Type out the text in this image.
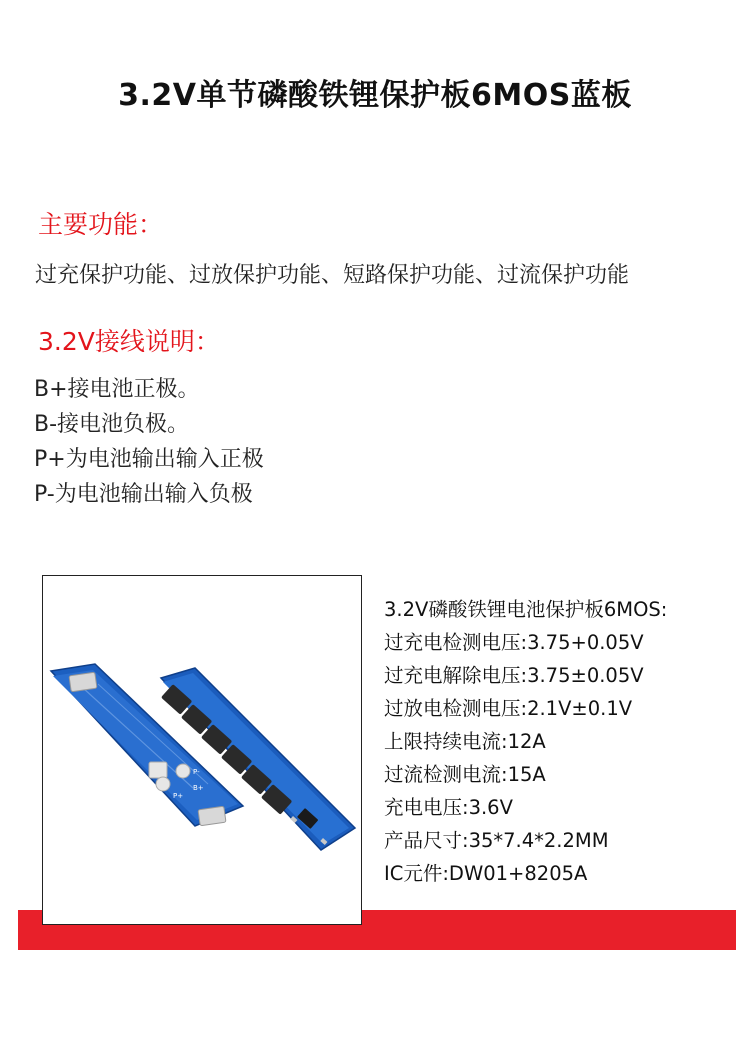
3.2V单节磷酸铁锂保护板6MOS蓝板
主要功能：
过充保护功能、过放保护功能、短路保护功能、过流保护功能
3.2V接线说明：
B+接电池正极。
B-接电池负极。
P+为电池输出输入正极
P-为电池输出输入负极
P+
B+
P-
3.2V磷酸铁锂电池保护板6MOS:
过充电检测电压:3.75+0.05V
过充电解除电压:3.75±0.05V
过放电检测电压:2.1V±0.1V
上限持续电流:12A
过流检测电流:15A
充电电压:3.6V
产品尺寸:35*7.4*2.2MM
IC元件:DW01+8205A
